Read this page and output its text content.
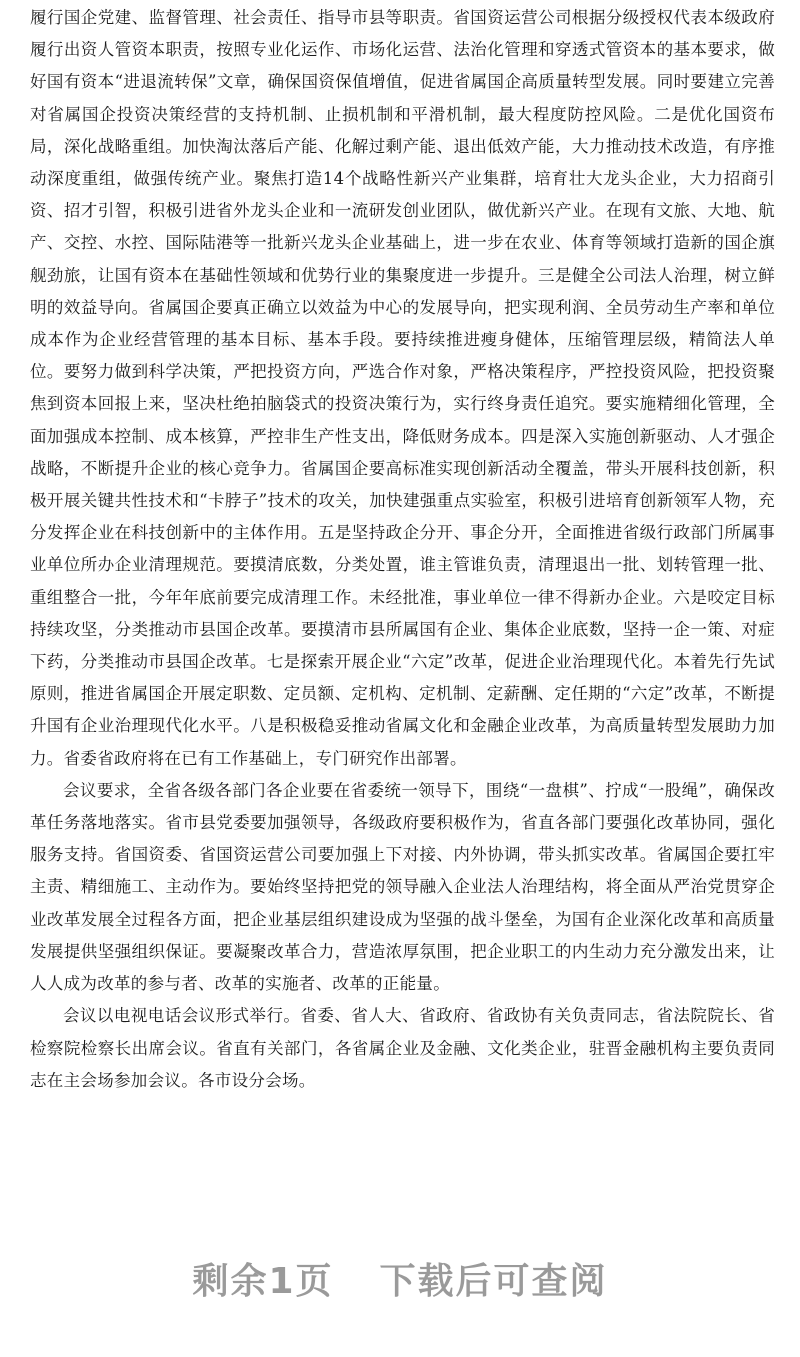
履行国企党建、监督管理、社会责任、指导市县等职责。省国资运营公司根据分级授权代表本级政府履行出资人管资本职责，按照专业化运作、市场化运营、法治化管理和穿透式管资本的基本要求，做好国有资本“进退流转保”文章，确保国资保值增值，促进省属国企高质量转型发展。同时要建立完善对省属国企投资决策经营的支持机制、止损机制和平滑机制，最大程度防控风险。二是优化国资布局，深化战略重组。加快淘汰落后产能、化解过剩产能、退出低效产能，大力推动技术改造，有序推动深度重组，做强传统产业。聚焦打造14个战略性新兴产业集群，培育壮大龙头企业，大力招商引资、招才引智，积极引进省外龙头企业和一流研发创业团队，做优新兴产业。在现有文旅、大地、航产、交控、水控、国际陆港等一批新兴龙头企业基础上，进一步在农业、体育等领域打造新的国企旗舰劲旅，让国有资本在基础性领域和优势行业的集聚度进一步提升。三是健全公司法人治理，树立鲜明的效益导向。省属国企要真正确立以效益为中心的发展导向，把实现利润、全员劳动生产率和单位成本作为企业经营管理的基本目标、基本手段。要持续推进瘦身健体，压缩管理层级，精简法人单位。要努力做到科学决策，严把投资方向，严选合作对象，严格决策程序，严控投资风险，把投资聚焦到资本回报上来，坚决杜绝拍脑袋式的投资决策行为，实行终身责任追究。要实施精细化管理，全面加强成本控制、成本核算，严控非生产性支出，降低财务成本。四是深入实施创新驱动、人才强企战略，不断提升企业的核心竞争力。省属国企要高标准实现创新活动全覆盖，带头开展科技创新，积极开展关键共性技术和“卡脖子”技术的攻关，加快建强重点实验室，积极引进培育创新领军人物，充分发挥企业在科技创新中的主体作用。五是坚持政企分开、事企分开，全面推进省级行政部门所属事业单位所办企业清理规范。要摸清底数，分类处置，谁主管谁负责，清理退出一批、划转管理一批、重组整合一批，今年年底前要完成清理工作。未经批准，事业单位一律不得新办企业。六是咬定目标持续攻坚，分类推动市县国企改革。要摸清市县所属国有企业、集体企业底数，坚持一企一策、对症下药，分类推动市县国企改革。七是探索开展企业“六定”改革，促进企业治理现代化。本着先行先试原则，推进省属国企开展定职数、定员额、定机构、定机制、定薪酬、定任期的“六定”改革，不断提升国有企业治理现代化水平。八是积极稳妥推动省属文化和金融企业改革，为高质量转型发展助力加力。省委省政府将在已有工作基础上，专门研究作出部署。

会议要求，全省各级各部门各企业要在省委统一领导下，围绕“一盘棋”、拧成“一股绳”，确保改革任务落地落实。省市县党委要加强领导，各级政府要积极作为，省直各部门要强化改革协同，强化服务支持。省国资委、省国资运营公司要加强上下对接、内外协调，带头抓实改革。省属国企要扛牢主责、精细施工、主动作为。要始终坚持把党的领导融入企业法人治理结构，将全面从严治党贯穿企业改革发展全过程各方面，把企业基层组织建设成为坚强的战斗堡垒，为国有企业深化改革和高质量发展提供坚强组织保证。要凝聚改革合力，营造浓厚氛围，把企业职工的内生动力充分激发出来，让人人成为改革的参与者、改革的实施者、改革的正能量。

会议以电视电话会议形式举行。省委、省人大、省政府、省政协有关负责同志，省法院院长、省检察院检察长出席会议。省直有关部门，各省属企业及金融、文化类企业，驻晋金融机构主要负责同志在主会场参加会议。各市设分会场。

剩余1页 下载后可查阅
